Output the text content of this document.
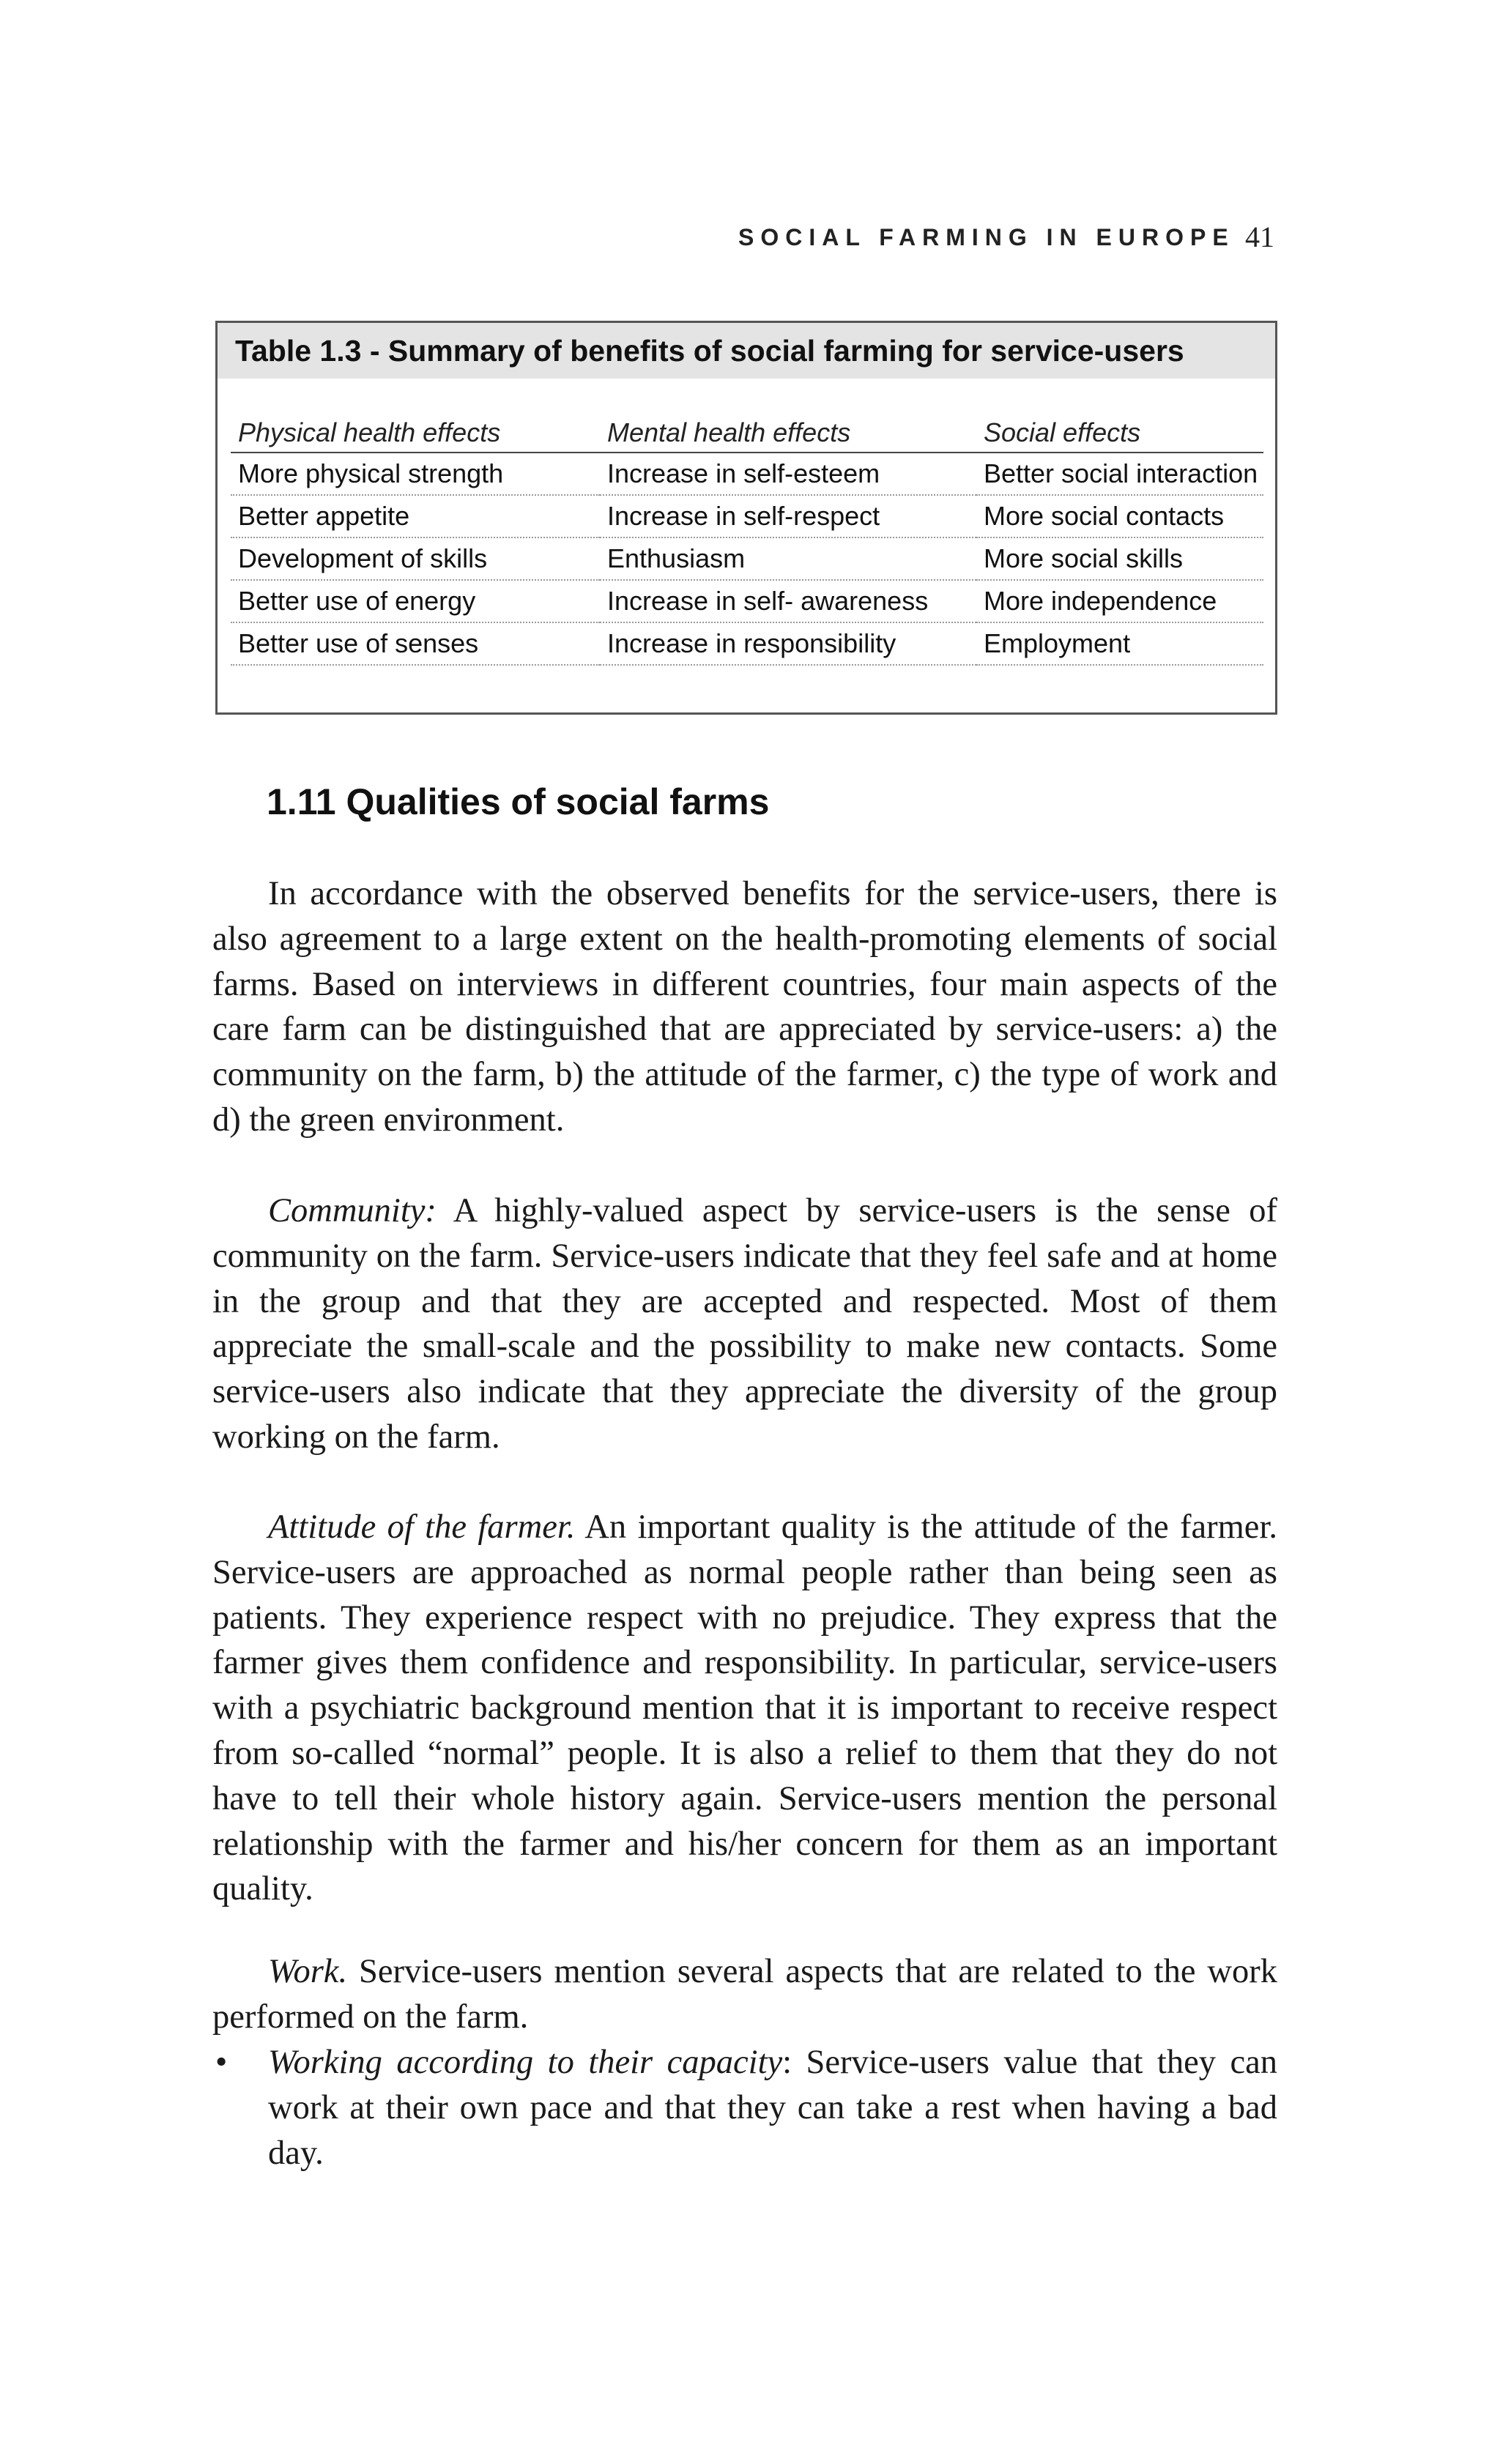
SOCIAL FARMING IN EUROPE 41
Table 1.3 - Summary of benefits of social farming for service-users
Physical health effects	Mental health effects	Social effects
More physical strength	Increase in self-esteem	Better social interaction
Better appetite	Increase in self-respect	More social contacts
Development of skills	Enthusiasm	More social skills
Better use of energy	Increase in self- awareness	More independence
Better use of senses	Increase in responsibility	Employment
1.11 Qualities of social farms

In accordance with the observed benefits for the service-users, there is also agreement to a large extent on the health-promoting elements of social farms. Based on interviews in different countries, four main aspects of the care farm can be distinguished that are appreciated by service-users: a) the community on the farm, b) the attitude of the farmer, c) the type of work and d) the green environment.

Community: A highly-valued aspect by service-users is the sense of community on the farm. Service-users indicate that they feel safe and at home in the group and that they are accepted and respected. Most of them appreciate the small-scale and the possibility to make new contacts. Some service-users also indicate that they appreciate the diversity of the group working on the farm.

Attitude of the farmer. An important quality is the attitude of the farmer. Service-users are approached as normal people rather than being seen as patients. They experience respect with no prejudice. They express that the farmer gives them confidence and responsibility. In particular, service-users with a psychiatric background mention that it is important to receive respect from so-called “normal” people. It is also a relief to them that they do not have to tell their whole history again. Service-users mention the personal relationship with the farmer and his/her concern for them as an important quality.

Work. Service-users mention several aspects that are related to the work performed on the farm.

• Working according to their capacity: Service-users value that they can work at their own pace and that they can take a rest when having a bad day.
